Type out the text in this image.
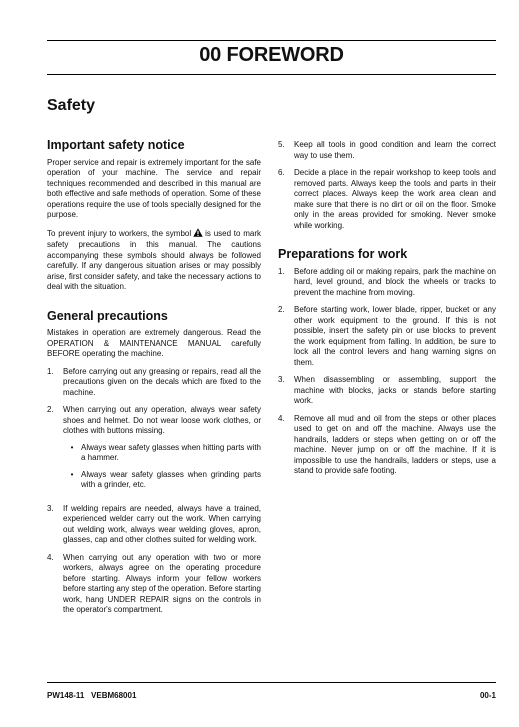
00 FOREWORD
Safety
Important safety notice

Proper service and repair is extremely important for the safe operation of your machine. The service and repair techniques recommended and described in this manual are both effective and safe methods of operation. Some of these operations require the use of tools specially designed for the purpose.

To prevent injury to workers, the symbol is used to mark safety precautions in this manual. The cautions accompanying these symbols should always be followed carefully. If any dangerous situation arises or may possibly arise, first consider safety, and take the necessary actions to deal with the situation.

General precautions

Mistakes in operation are extremely dangerous. Read the OPERATION & MAINTENANCE MANUAL carefully BEFORE operating the machine.

1.	Before carrying out any greasing or repairs, read all the precautions given on the decals which are fixed to the machine.
2.	When carrying out any operation, always wear safety shoes and helmet. Do not wear loose work clothes, or clothes with buttons missing.
• Always wear safety glasses when hitting parts with a hammer.
• Always wear safety glasses when grinding parts with a grinder, etc.
3.	If welding repairs are needed, always have a trained, experienced welder carry out the work. When carrying out welding work, always wear welding gloves, apron, glasses, cap and other clothes suited for welding work.
4.	When carrying out any operation with two or more workers, always agree on the operating procedure before starting. Always inform your fellow workers before starting any step of the operation. Before starting work, hang UNDER REPAIR signs on the controls in the operator's compartment.
5.	Keep all tools in good condition and learn the correct way to use them.
6.	Decide a place in the repair workshop to keep tools and removed parts. Always keep the tools and parts in their correct places. Always keep the work area clean and make sure that there is no dirt or oil on the floor. Smoke only in the areas provided for smoking. Never smoke while working.
Preparations for work
1.	Before adding oil or making repairs, park the machine on hard, level ground, and block the wheels or tracks to prevent the machine from moving.
2.	Before starting work, lower blade, ripper, bucket or any other work equipment to the ground. If this is not possible, insert the safety pin or use blocks to prevent the work equipment from falling. In addition, be sure to lock all the control levers and hang warning signs on them.
3.	When disassembling or assembling, support the machine with blocks, jacks or stands before starting work.
4.	Remove all mud and oil from the steps or other places used to get on and off the machine. Always use the handrails, ladders or steps when getting on or off the machine. Never jump on or off the machine. If it is impossible to use the handrails, ladders or steps, use a stand to provide safe footing.
PW148-11 VEBM68001	00-1
